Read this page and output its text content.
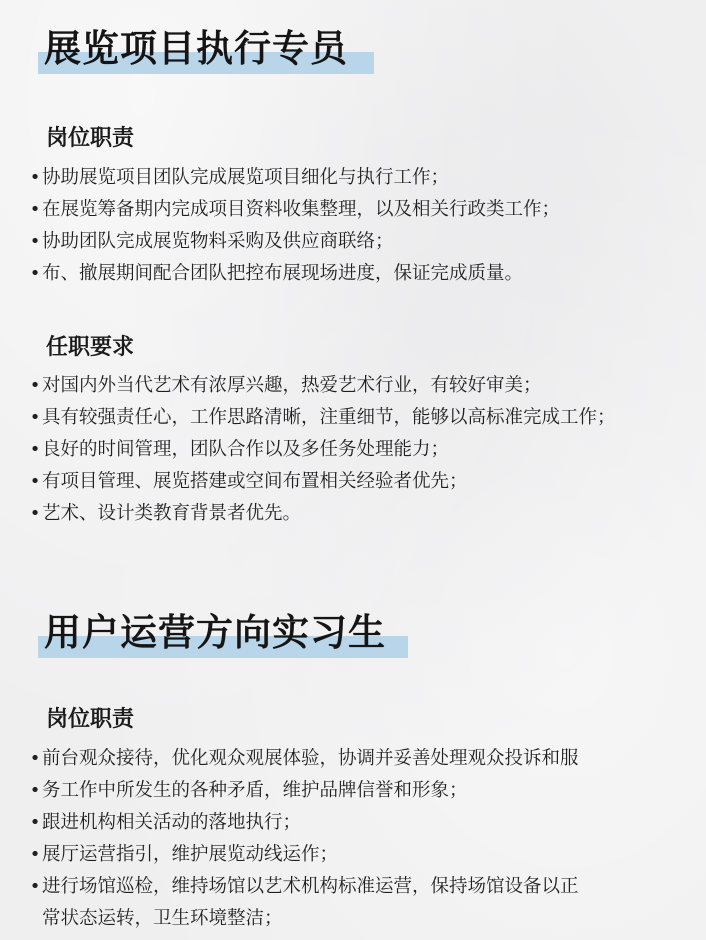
展览项目执行专员
岗位职责
•协助展览项目团队完成展览项目细化与执行工作；
•在展览筹备期内完成项目资料收集整理，以及相关行政类工作；
•协助团队完成展览物料采购及供应商联络；
•布、撤展期间配合团队把控布展现场进度，保证完成质量。
任职要求
•对国内外当代艺术有浓厚兴趣，热爱艺术行业，有较好审美；
•具有较强责任心，工作思路清晰，注重细节，能够以高标准完成工作；
•良好的时间管理，团队合作以及多任务处理能力；
•有项目管理、展览搭建或空间布置相关经验者优先；
•艺术、设计类教育背景者优先。
用户运营方向实习生
岗位职责
•前台观众接待，优化观众观展体验，协调并妥善处理观众投诉和服
•务工作中所发生的各种矛盾，维护品牌信誉和形象；
•跟进机构相关活动的落地执行；
•展厅运营指引，维护展览动线运作；
•进行场馆巡检，维持场馆以艺术机构标准运营，保持场馆设备以正
常状态运转，卫生环境整洁；
